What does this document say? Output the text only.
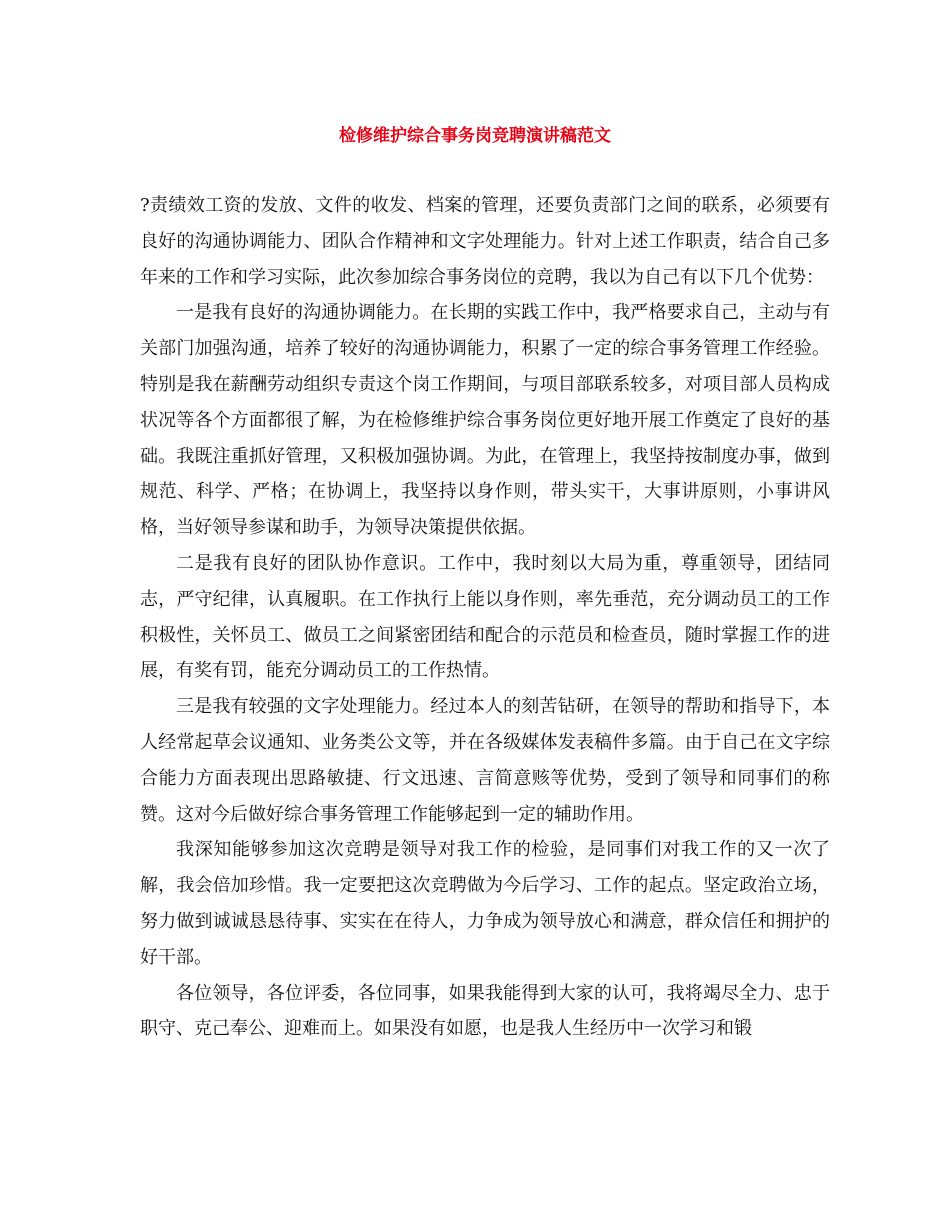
检修维护综合事务岗竞聘演讲稿范文

?责绩效工资的发放、文件的收发、档案的管理，还要负责部门之间的联系，必须要有良好的沟通协调能力、团队合作精神和文字处理能力。针对上述工作职责，结合自己多年来的工作和学习实际，此次参加综合事务岗位的竞聘，我以为自己有以下几个优势：

一是我有良好的沟通协调能力。在长期的实践工作中，我严格要求自己，主动与有关部门加强沟通，培养了较好的沟通协调能力，积累了一定的综合事务管理工作经验。特别是我在薪酬劳动组织专责这个岗工作期间，与项目部联系较多，对项目部人员构成状况等各个方面都很了解，为在检修维护综合事务岗位更好地开展工作奠定了良好的基础。我既注重抓好管理，又积极加强协调。为此，在管理上，我坚持按制度办事，做到规范、科学、严格；在协调上，我坚持以身作则，带头实干，大事讲原则，小事讲风格，当好领导参谋和助手，为领导决策提供依据。

二是我有良好的团队协作意识。工作中，我时刻以大局为重，尊重领导，团结同志，严守纪律，认真履职。在工作执行上能以身作则，率先垂范，充分调动员工的工作积极性，关怀员工、做员工之间紧密团结和配合的示范员和检查员，随时掌握工作的进展，有奖有罚，能充分调动员工的工作热情。

三是我有较强的文字处理能力。经过本人的刻苦钻研，在领导的帮助和指导下，本人经常起草会议通知、业务类公文等，并在各级媒体发表稿件多篇。由于自己在文字综合能力方面表现出思路敏捷、行文迅速、言简意赅等优势，受到了领导和同事们的称赞。这对今后做好综合事务管理工作能够起到一定的辅助作用。

我深知能够参加这次竞聘是领导对我工作的检验，是同事们对我工作的又一次了解，我会倍加珍惜。我一定要把这次竞聘做为今后学习、工作的起点。坚定政治立场，努力做到诚诚恳恳待事、实实在在待人，力争成为领导放心和满意，群众信任和拥护的好干部。

各位领导，各位评委，各位同事，如果我能得到大家的认可，我将竭尽全力、忠于职守、克己奉公、迎难而上。如果没有如愿，也是我人生经历中一次学习和锻
